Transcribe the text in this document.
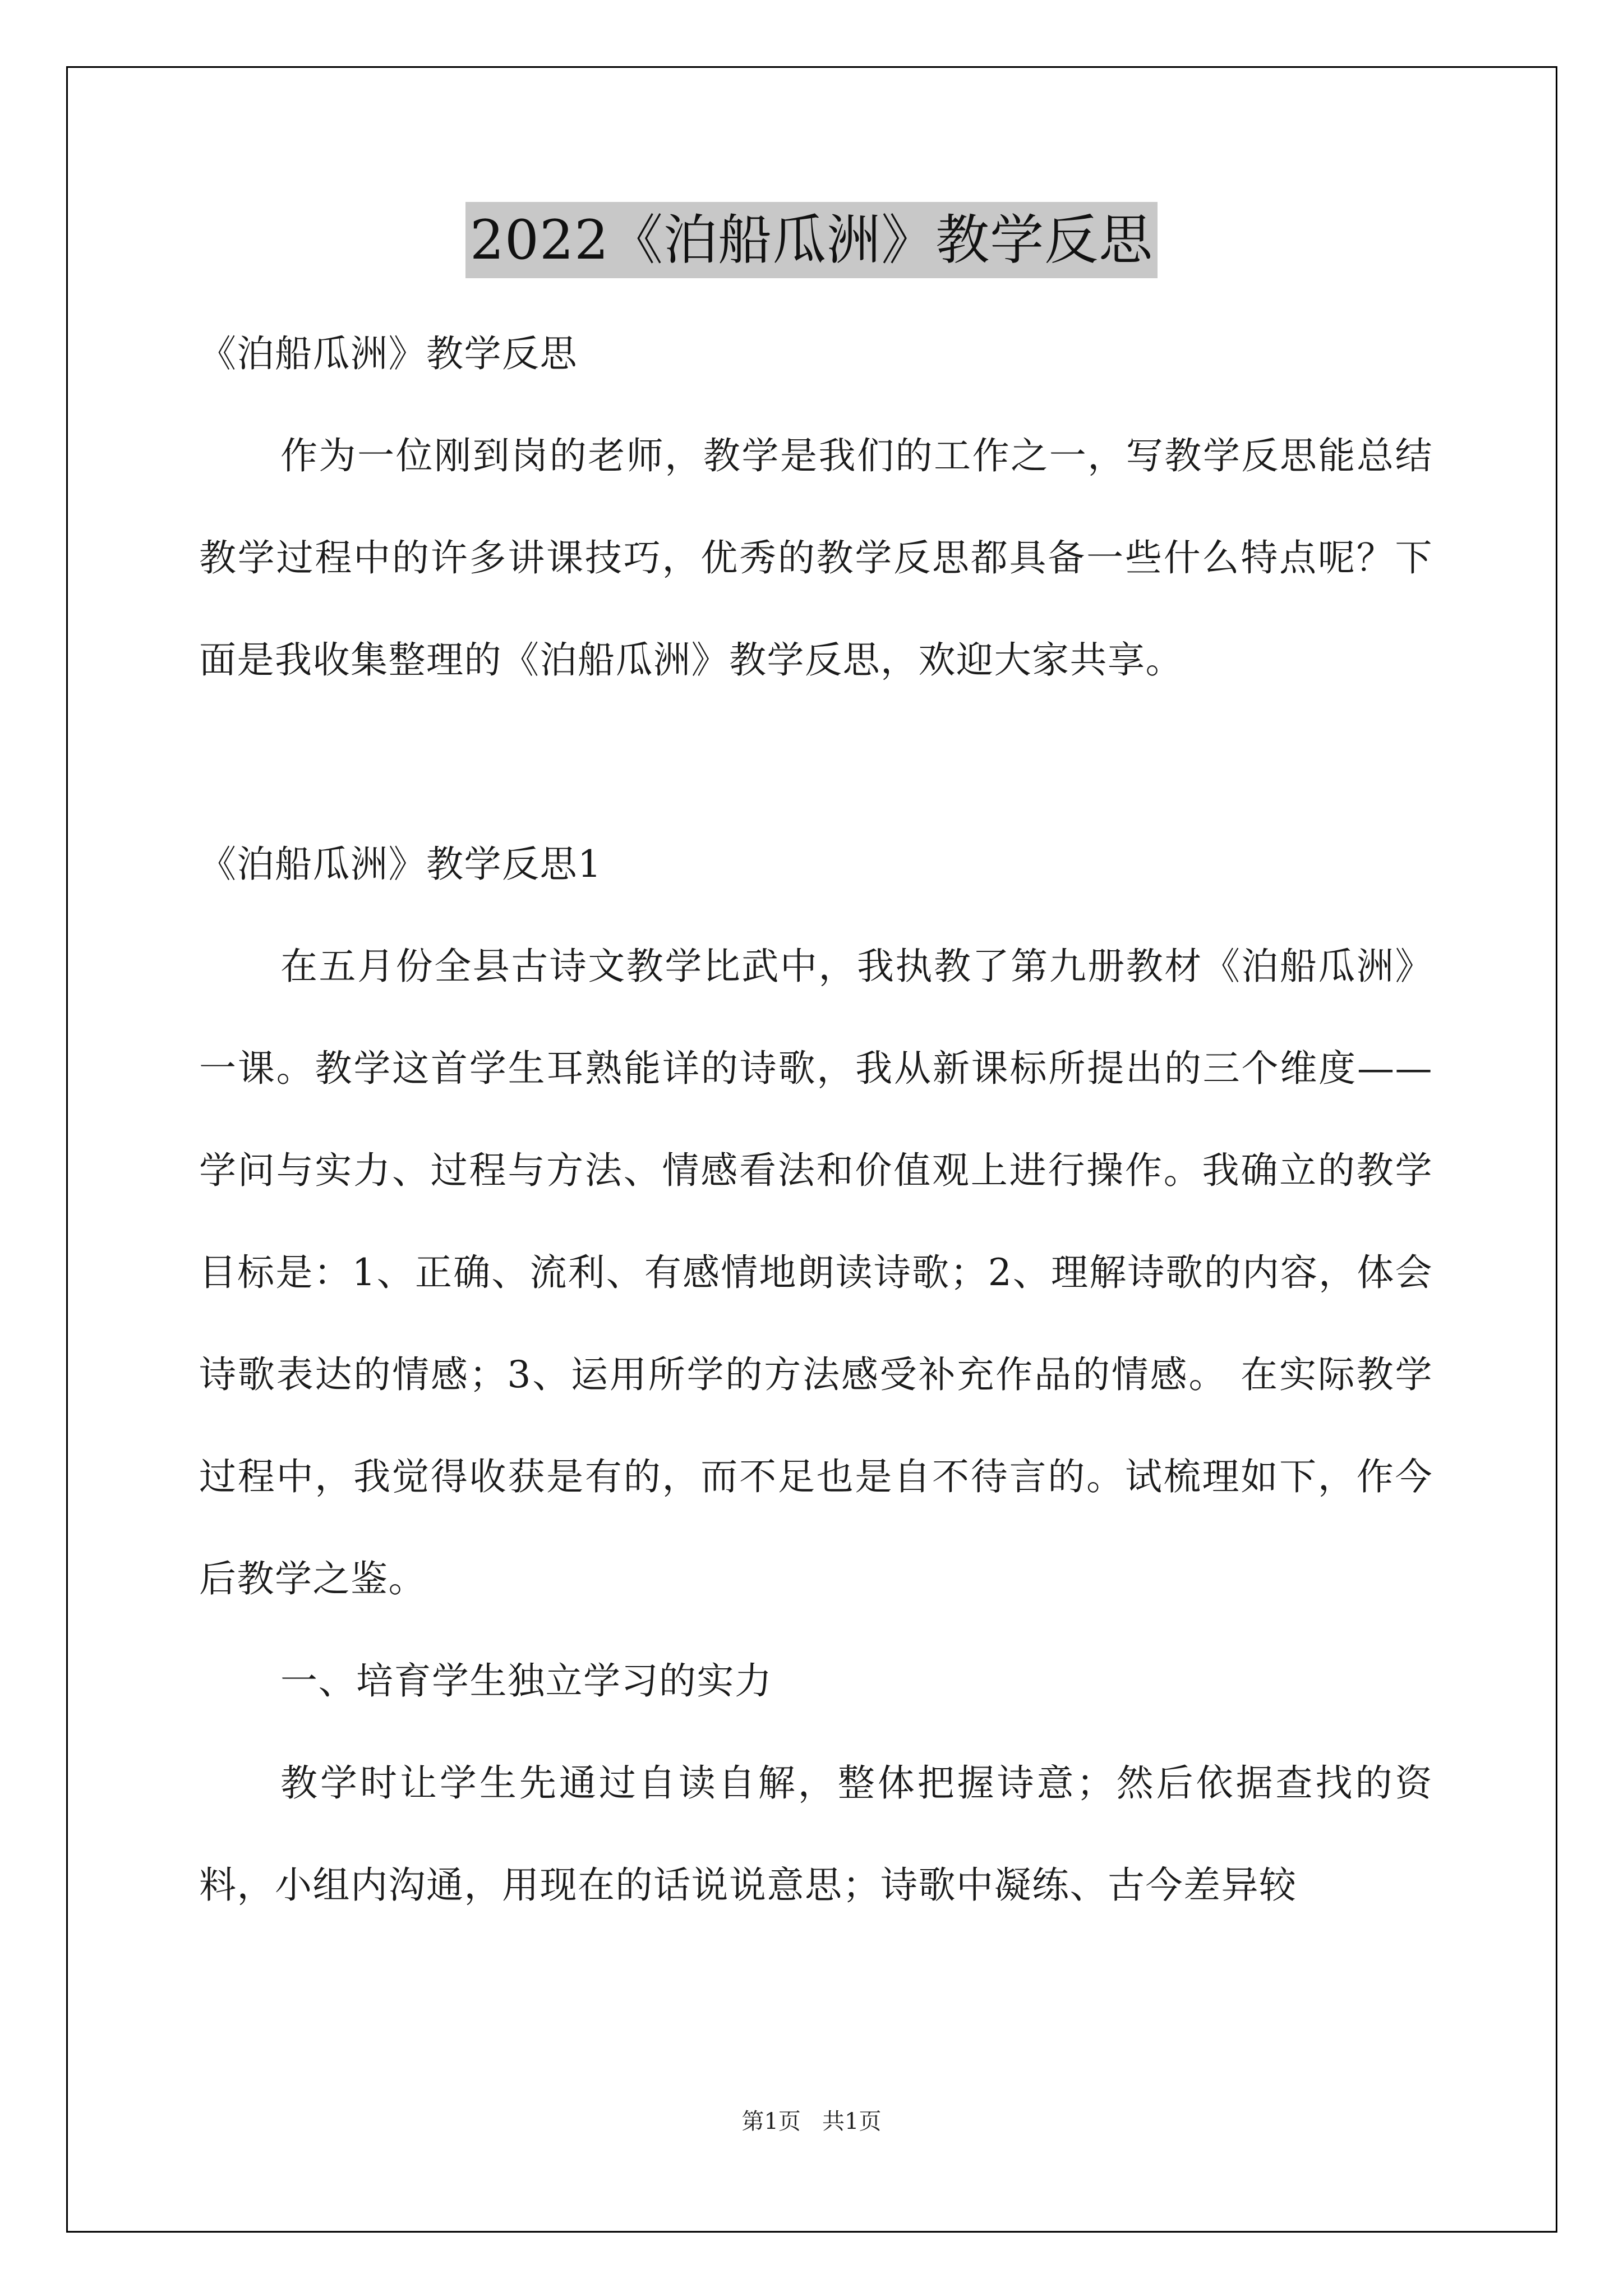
2022《泊船瓜洲》教学反思

《泊船瓜洲》教学反思

作为一位刚到岗的老师，教学是我们的工作之一，写教学反思能总结教学过程中的许多讲课技巧，优秀的教学反思都具备一些什么特点呢？下面是我收集整理的《泊船瓜洲》教学反思，欢迎大家共享。

《泊船瓜洲》教学反思1

在五月份全县古诗文教学比武中，我执教了第九册教材《泊船瓜洲》一课。教学这首学生耳熟能详的诗歌，我从新课标所提出的三个维度——学问与实力、过程与方法、情感看法和价值观上进行操作。我确立的教学目标是：1、正确、流利、有感情地朗读诗歌；2、理解诗歌的内容，体会诗歌表达的情感；3、运用所学的方法感受补充作品的情感。 在实际教学过程中，我觉得收获是有的，而不足也是自不待言的。试梳理如下，作今后教学之鉴。

一、培育学生独立学习的实力

教学时让学生先通过自读自解，整体把握诗意；然后依据查找的资料，小组内沟通，用现在的话说说意思；诗歌中凝练、古今差异较

第1页   共1页
